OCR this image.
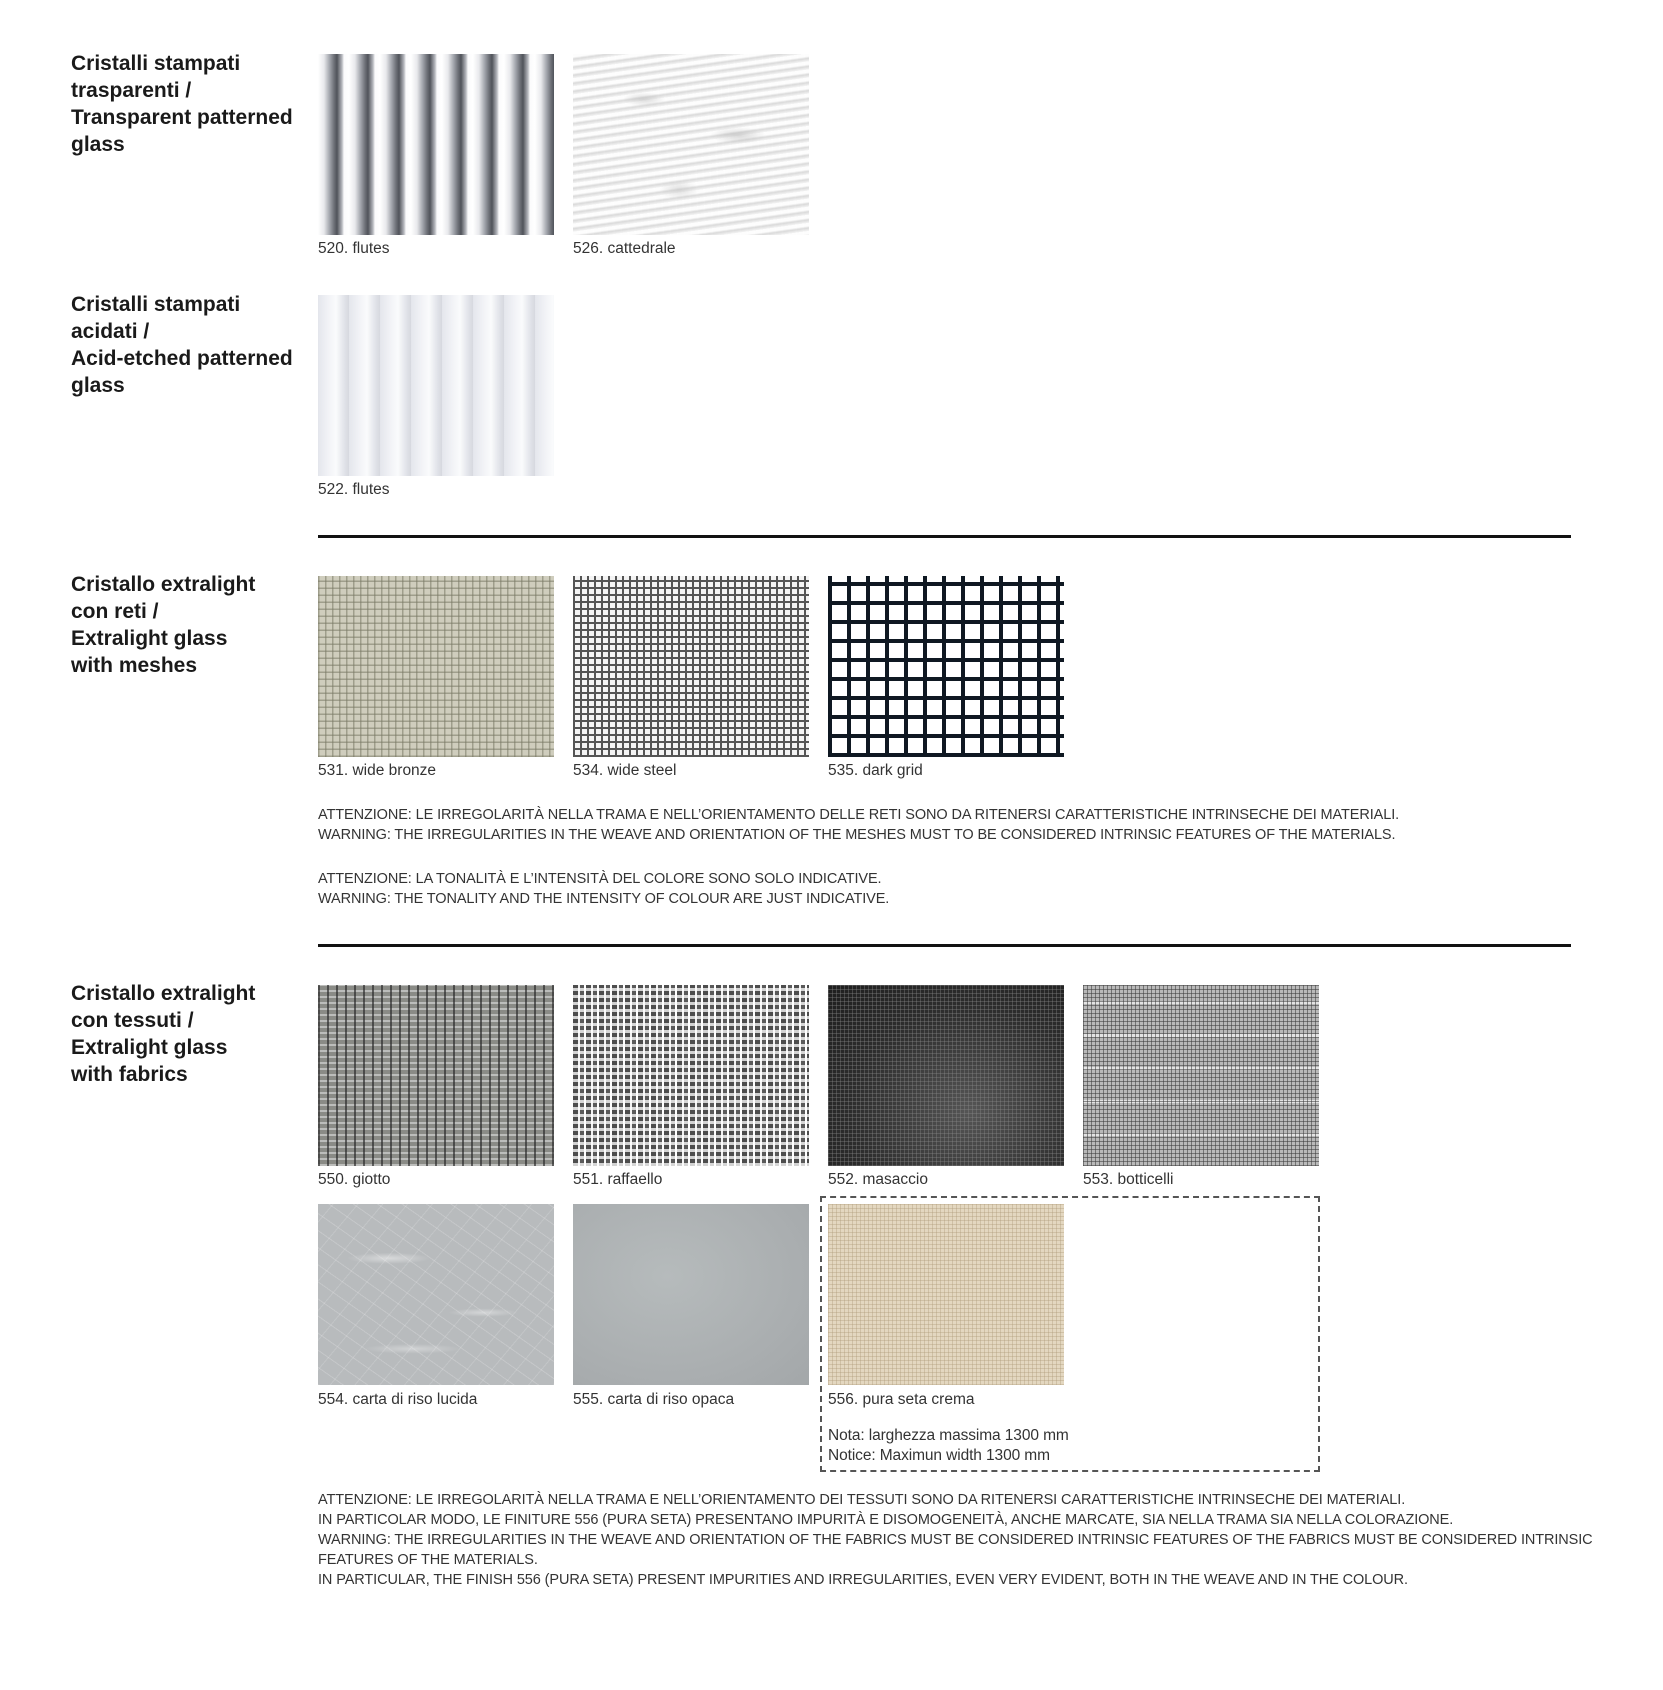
Cristalli stampati
trasparenti /
Transparent patterned
glass
520. flutes	526. cattedrale
Cristalli stampati
acidati /
Acid-etched patterned
glass
522. flutes
Cristallo extralight
con reti /
Extralight glass
with meshes
531. wide bronze	534. wide steel	535. dark grid
ATTENZIONE: LE IRREGOLARITÀ NELLA TRAMA E NELL’ORIENTAMENTO DELLE RETI SONO DA RITENERSI CARATTERISTICHE INTRINSECHE DEI MATERIALI.
WARNING: THE IRREGULARITIES IN THE WEAVE AND ORIENTATION OF THE MESHES MUST TO BE CONSIDERED INTRINSIC FEATURES OF THE MATERIALS.
ATTENZIONE: LA TONALITÀ E L’INTENSITÀ DEL COLORE SONO SOLO INDICATIVE.
WARNING: THE TONALITY AND THE INTENSITY OF COLOUR ARE JUST INDICATIVE.
Cristallo extralight
con tessuti /
Extralight glass
with fabrics
550. giotto	551. raffaello	552. masaccio	553. botticelli
554. carta di riso lucida	555. carta di riso opaca	556. pura seta crema
Nota: larghezza massima 1300 mm
Notice: Maximun width 1300 mm
ATTENZIONE: LE IRREGOLARITÀ NELLA TRAMA E NELL’ORIENTAMENTO DEI TESSUTI SONO DA RITENERSI CARATTERISTICHE INTRINSECHE DEI MATERIALI.
IN PARTICOLAR MODO, LE FINITURE 556 (PURA SETA) PRESENTANO IMPURITÀ E DISOMOGENEITÀ, ANCHE MARCATE, SIA NELLA TRAMA SIA NELLA COLORAZIONE.
WARNING: THE IRREGULARITIES IN THE WEAVE AND ORIENTATION OF THE FABRICS MUST BE CONSIDERED INTRINSIC FEATURES OF THE FABRICS MUST BE CONSIDERED INTRINSIC
FEATURES OF THE MATERIALS.
IN PARTICULAR, THE FINISH 556 (PURA SETA) PRESENT IMPURITIES AND IRREGULARITIES, EVEN VERY EVIDENT, BOTH IN THE WEAVE AND IN THE COLOUR.
